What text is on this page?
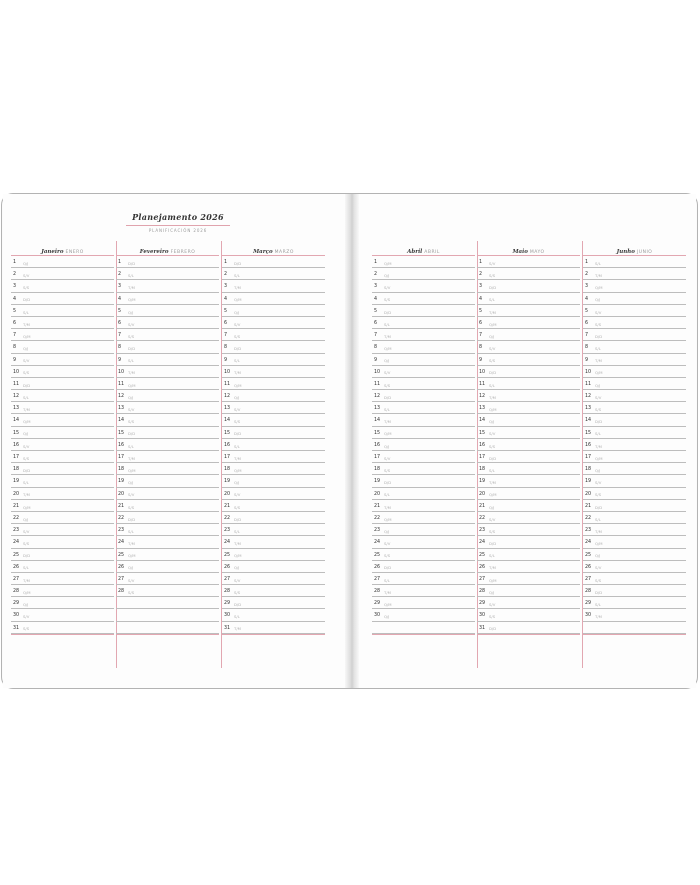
Planejamento 2026
PLANIFICACIÓN 2026
Janeiro ENERO
1 Q/J
2 S/V
3 S/S
4 D/D
5 S/L
6 T/M
7 Q/M
8 Q/J
9 S/V
10 S/S
11 D/D
12 S/L
13 T/M
14 Q/M
15 Q/J
16 S/V
17 S/S
18 D/D
19 S/L
20 T/M
21 Q/M
22 Q/J
23 S/V
24 S/S
25 D/D
26 S/L
27 T/M
28 Q/M
29 Q/J
30 S/V
31 S/S
Fevereiro FEBRERO
1 D/D
2 S/L
3 T/M
4 Q/M
5 Q/J
6 S/V
7 S/S
8 D/D
9 S/L
10 T/M
11 Q/M
12 Q/J
13 S/V
14 S/S
15 D/D
16 S/L
17 T/M
18 Q/M
19 Q/J
20 S/V
21 S/S
22 D/D
23 S/L
24 T/M
25 Q/M
26 Q/J
27 S/V
28 S/S
Março MARZO
1 D/D
2 S/L
3 T/M
4 Q/M
5 Q/J
6 S/V
7 S/S
8 D/D
9 S/L
10 T/M
11 Q/M
12 Q/J
13 S/V
14 S/S
15 D/D
16 S/L
17 T/M
18 Q/M
19 Q/J
20 S/V
21 S/S
22 D/D
23 S/L
24 T/M
25 Q/M
26 Q/J
27 S/V
28 S/S
29 D/D
30 S/L
31 T/M
Abril ABRIL
1 Q/M
2 Q/J
3 S/V
4 S/S
5 D/D
6 S/L
7 T/M
8 Q/M
9 Q/J
10 S/V
11 S/S
12 D/D
13 S/L
14 T/M
15 Q/M
16 Q/J
17 S/V
18 S/S
19 D/D
20 S/L
21 T/M
22 Q/M
23 Q/J
24 S/V
25 S/S
26 D/D
27 S/L
28 T/M
29 Q/M
30 Q/J
Maio MAYO
1 S/V
2 S/S
3 D/D
4 S/L
5 T/M
6 Q/M
7 Q/J
8 S/V
9 S/S
10 D/D
11 S/L
12 T/M
13 Q/M
14 Q/J
15 S/V
16 S/S
17 D/D
18 S/L
19 T/M
20 Q/M
21 Q/J
22 S/V
23 S/S
24 D/D
25 S/L
26 T/M
27 Q/M
28 Q/J
29 S/V
30 S/S
31 D/D
Junho JUNIO
1 S/L
2 T/M
3 Q/M
4 Q/J
5 S/V
6 S/S
7 D/D
8 S/L
9 T/M
10 Q/M
11 Q/J
12 S/V
13 S/S
14 D/D
15 S/L
16 T/M
17 Q/M
18 Q/J
19 S/V
20 S/S
21 D/D
22 S/L
23 T/M
24 Q/M
25 Q/J
26 S/V
27 S/S
28 D/D
29 S/L
30 T/M
